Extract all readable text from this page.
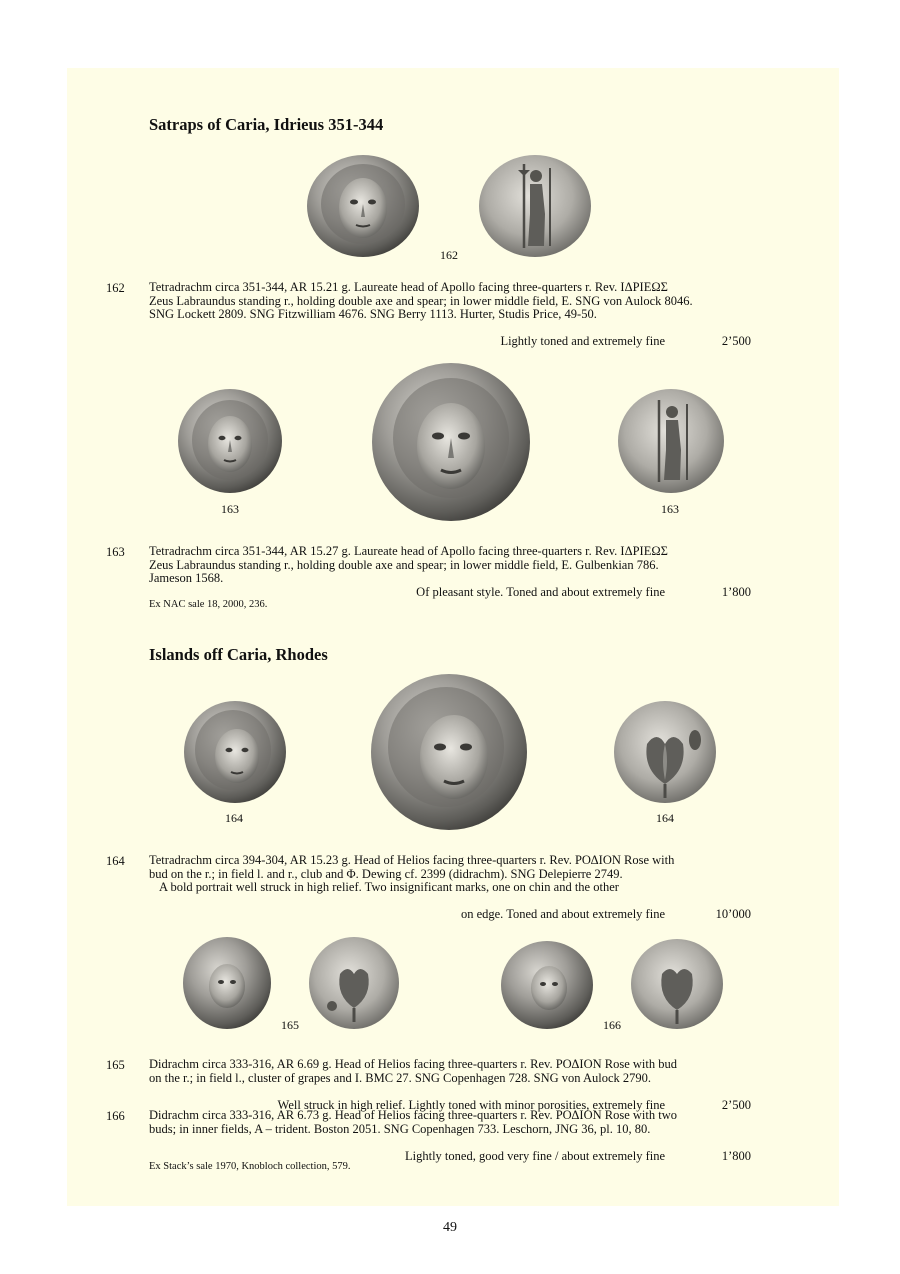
Satraps of Caria, Idrieus 351-344
162
162 Tetradrachm circa 351-344, AR 15.21 g. Laureate head of Apollo facing three-quarters r. Rev. ΙΔΡΙΕΩΣ
Zeus Labraundus standing r., holding double axe and spear; in lower middle field, E. SNG von Aulock 8046.
SNG Lockett 2809. SNG Fitzwilliam 4676. SNG Berry 1113. Hurter, Studis Price, 49-50.

Lightly toned and extremely fine	2’500

163	163
163 Tetradrachm circa 351-344, AR 15.27 g. Laureate head of Apollo facing three-quarters r. Rev. ΙΔΡΙΕΩΣ
Zeus Labraundus standing r., holding double axe and spear; in lower middle field, E. Gulbenkian 786.
Jameson 1568.

Of pleasant style. Toned and about extremely fine	1’800

Ex NAC sale 18, 2000, 236.
Islands off Caria, Rhodes
164	164
164 Tetradrachm circa 394-304, AR 15.23 g. Head of Helios facing three-quarters r. Rev. ΡΟΔΙΟΝ Rose with
bud on the r.; in field l. and r., club and Φ. Dewing cf. 2399 (didrachm). SNG Delepierre 2749.
A bold portrait well struck in high relief. Two insignificant marks, one on chin and the other

on edge. Toned and about extremely fine	10’000

165	166
165 Didrachm circa 333-316, AR 6.69 g. Head of Helios facing three-quarters r. Rev. ΡΟΔΙΟΝ Rose with bud
on the r.; in field l., cluster of grapes and I. BMC 27. SNG Copenhagen 728. SNG von Aulock 2790.

Well struck in high relief. Lightly toned with minor porosities, extremely fine	2’500

166 Didrachm circa 333-316, AR 6.73 g. Head of Helios facing three-quarters r. Rev. ΡΟΔΙΟΝ Rose with two
buds; in inner fields, A – trident. Boston 2051. SNG Copenhagen 733. Leschorn, JNG 36, pl. 10, 80.

Lightly toned, good very fine / about extremely fine	1’800

Ex Stack’s sale 1970, Knobloch collection, 579.
49
